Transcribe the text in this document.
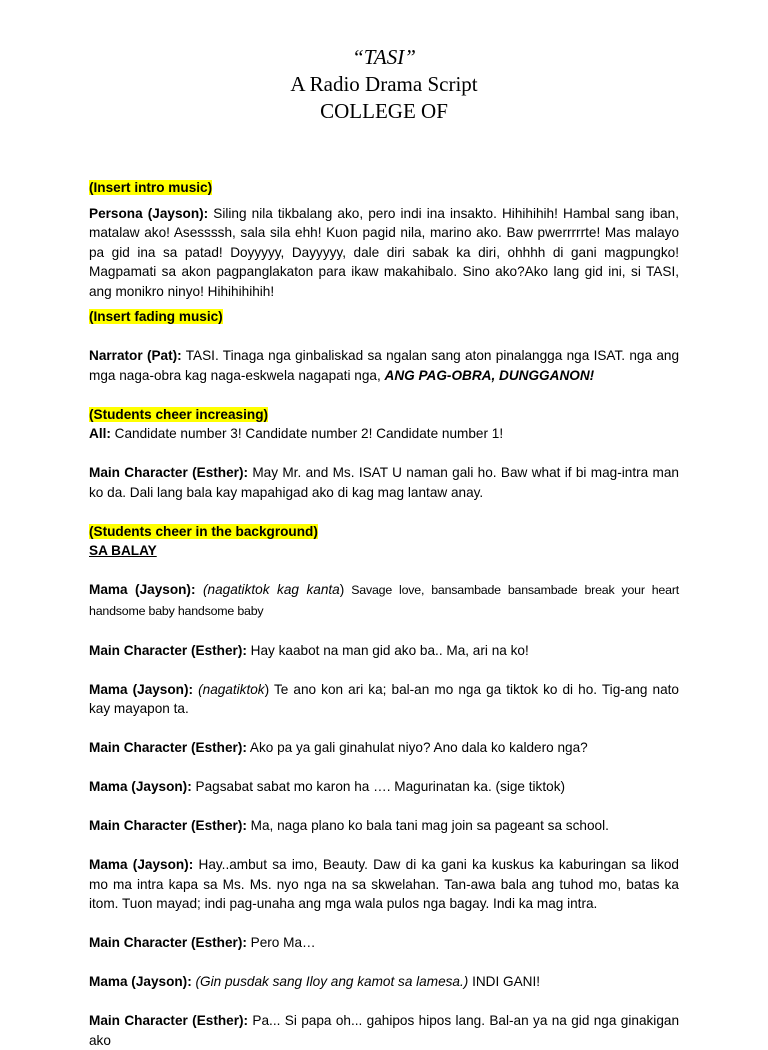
“TASI”
A Radio Drama Script
COLLEGE OF

(Insert intro music)

Persona (Jayson): Siling nila tikbalang ako, pero indi ina insakto. Hihihihih! Hambal sang iban, matalaw ako! Asessssh, sala sila ehh! Kuon pagid nila, marino ako. Baw pwerrrrrte! Mas malayo pa gid ina sa patad! Doyyyyy, Dayyyyy, dale diri sabak ka diri, ohhhh di gani magpungko! Magpamati sa akon pagpanglakaton para ikaw makahibalo. Sino ako?Ako lang gid ini, si TASI, ang monikro ninyo! Hihihihihih!

(Insert fading music)

Narrator (Pat): TASI. Tinaga nga ginbaliskad sa ngalan sang aton pinalangga nga ISAT. nga ang mga naga-obra kag naga-eskwela nagapati nga, ANG PAG-OBRA, DUNGGANON!

(Students cheer increasing)

All: Candidate number 3! Candidate number 2! Candidate number 1!

Main Character (Esther): May Mr. and Ms. ISAT U naman gali ho. Baw what if bi mag-intra man ko da. Dali lang bala kay mapahigad ako di kag mag lantaw anay.

(Students cheer in the background)

SA BALAY

Mama (Jayson): (nagatiktok kag kanta) Savage love, bansambade bansambade break your heart handsome baby handsome baby

Main Character (Esther): Hay kaabot na man gid ako ba.. Ma, ari na ko!

Mama (Jayson): (nagatiktok) Te ano kon ari ka; bal-an mo nga ga tiktok ko di ho. Tig-ang nato kay mayapon ta.

Main Character (Esther): Ako pa ya gali ginahulat niyo? Ano dala ko kaldero nga?

Mama (Jayson): Pagsabat sabat mo karon ha …. Magurinatan ka. (sige tiktok)

Main Character (Esther): Ma, naga plano ko bala tani mag join sa pageant sa school.

Mama (Jayson): Hay..ambut sa imo, Beauty. Daw di ka gani ka kuskus ka kaburingan sa likod mo ma intra kapa sa Ms. Ms. nyo nga na sa skwelahan. Tan-awa bala ang tuhod mo, batas ka itom. Tuon mayad; indi pag-unaha ang mga wala pulos nga bagay. Indi ka mag intra.

Main Character (Esther): Pero Ma…

Mama (Jayson): (Gin pusdak sang Iloy ang kamot sa lamesa.) INDI GANI!

Main Character (Esther): Pa... Si papa oh... gahipos hipos lang. Bal-an ya na gid nga ginakigan ako
